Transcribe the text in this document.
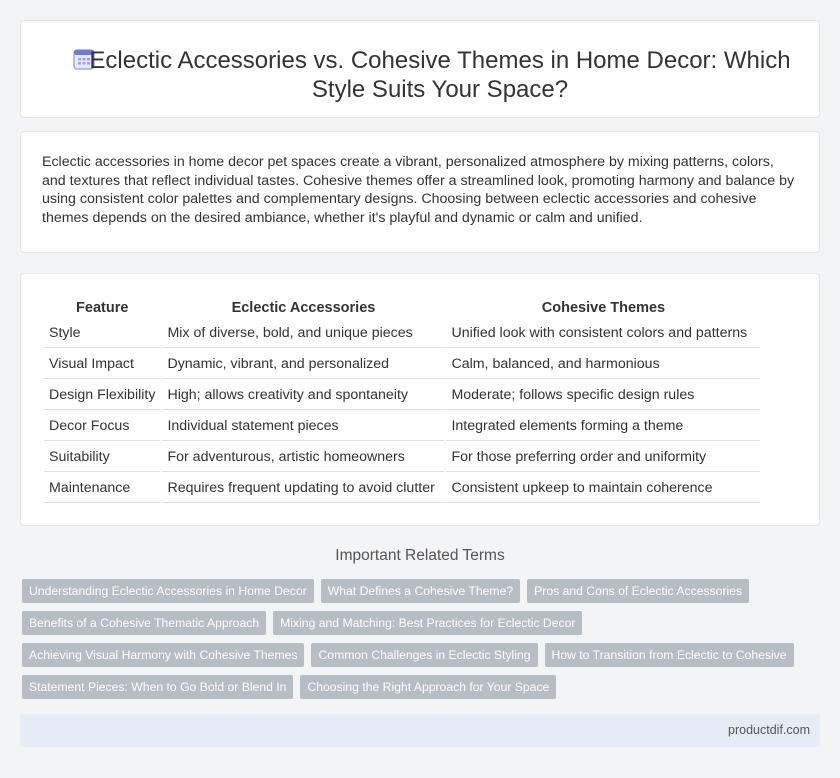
Eclectic Accessories vs. Cohesive Themes in Home Decor: Which Style Suits Your Space?

Eclectic accessories in home decor pet spaces create a vibrant, personalized atmosphere by mixing patterns, colors, and textures that reflect individual tastes. Cohesive themes offer a streamlined look, promoting harmony and balance by using consistent color palettes and complementary designs. Choosing between eclectic accessories and cohesive themes depends on the desired ambiance, whether it's playful and dynamic or calm and unified.

Feature	Eclectic Accessories	Cohesive Themes
Style	Mix of diverse, bold, and unique pieces	Unified look with consistent colors and patterns
Visual Impact	Dynamic, vibrant, and personalized	Calm, balanced, and harmonious
Design Flexibility	High; allows creativity and spontaneity	Moderate; follows specific design rules
Decor Focus	Individual statement pieces	Integrated elements forming a theme
Suitability	For adventurous, artistic homeowners	For those preferring order and uniformity
Maintenance	Requires frequent updating to avoid clutter	Consistent upkeep to maintain coherence
Important Related Terms
Understanding Eclectic Accessories in Home Decor	What Defines a Cohesive Theme?	Pros and Cons of Eclectic Accessories
Benefits of a Cohesive Thematic Approach	Mixing and Matching: Best Practices for Eclectic Decor
Achieving Visual Harmony with Cohesive Themes	Common Challenges in Eclectic Styling	How to Transition from Eclectic to Cohesive
Statement Pieces: When to Go Bold or Blend In	Choosing the Right Approach for Your Space
productdif.com
